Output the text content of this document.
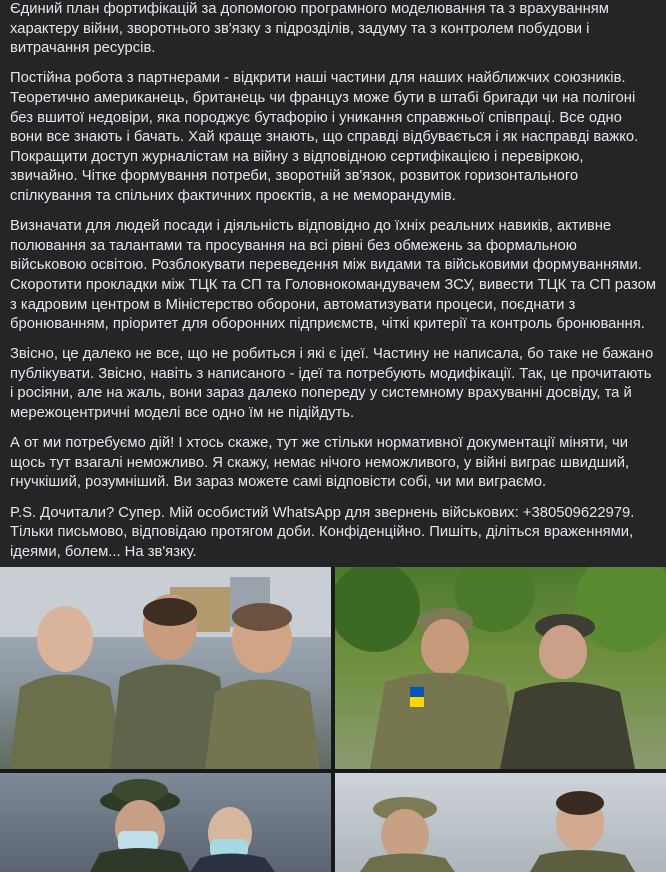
Єдиний план фортифікацій за допомогою програмного моделювання та з врахуванням
характеру війни, зворотнього зв'язку з підрозділів, задуму та з контролем побудови і
витрачання ресурсів.

Постійна робота з партнерами - відкрити наші частини для наших найближчих союзників.
Теоретично американець, британець чи француз може бути в штабі бригади чи на полігоні
без вшитої недовіри, яка породжує бутафорію і уникання справжньої співпраці. Все одно
вони все знають і бачать. Хай краще знають, що справді відбувається і як насправді важко.
Покращити доступ журналістам на війну з відповідною сертифікацією і перевіркою,
звичайно. Чітке формування потреби, зворотній зв'язок, розвиток горизонтального
спілкування та спільних фактичних проєктів, а не меморандумів.

Визначати для людей посади і діяльність відповідно до їхніх реальних навиків, активне
полювання за талантами та просування на всі рівні без обмежень за формальною
військовою освітою. Розблокувати переведення між видами та військовими формуваннями.
Скоротити прокладки між ТЦК та СП та Головнокомандувачем ЗСУ, вивести ТЦК та СП разом
з кадровим центром в Міністерство оборони, автоматизувати процеси, поєднати з
бронюванням, пріоритет для оборонних підприємств, чіткі критерії та контроль бронювання.

Звісно, це далеко не все, що не робиться і які є ідеї. Частину не написала, бо таке не бажано
публікувати. Звісно, навіть з написаного - ідеї та потребують модифікації. Так, це прочитають
і росіяни, але на жаль, вони зараз далеко попереду у системному врахуванні досвіду, та й
мережоцентричні моделі все одно їм не підійдуть.

А от ми потребуємо дій! І хтось скаже, тут же стільки нормативної документації міняти, чи
щось тут взагалі неможливо. Я скажу, немає нічого неможливого, у війні виграє швидший,
гнучкіший, розумніший. Ви зараз можете самі відповісти собі, чи ми виграємо.

P.S. Дочитали? Супер. Мій особистий WhatsApp для звернень військових: +380509622979.
Тільки письмово, відповідаю протягом доби. Конфіденційно. Пишіть, діліться враженнями,
ідеями, болем... На зв'язку.
